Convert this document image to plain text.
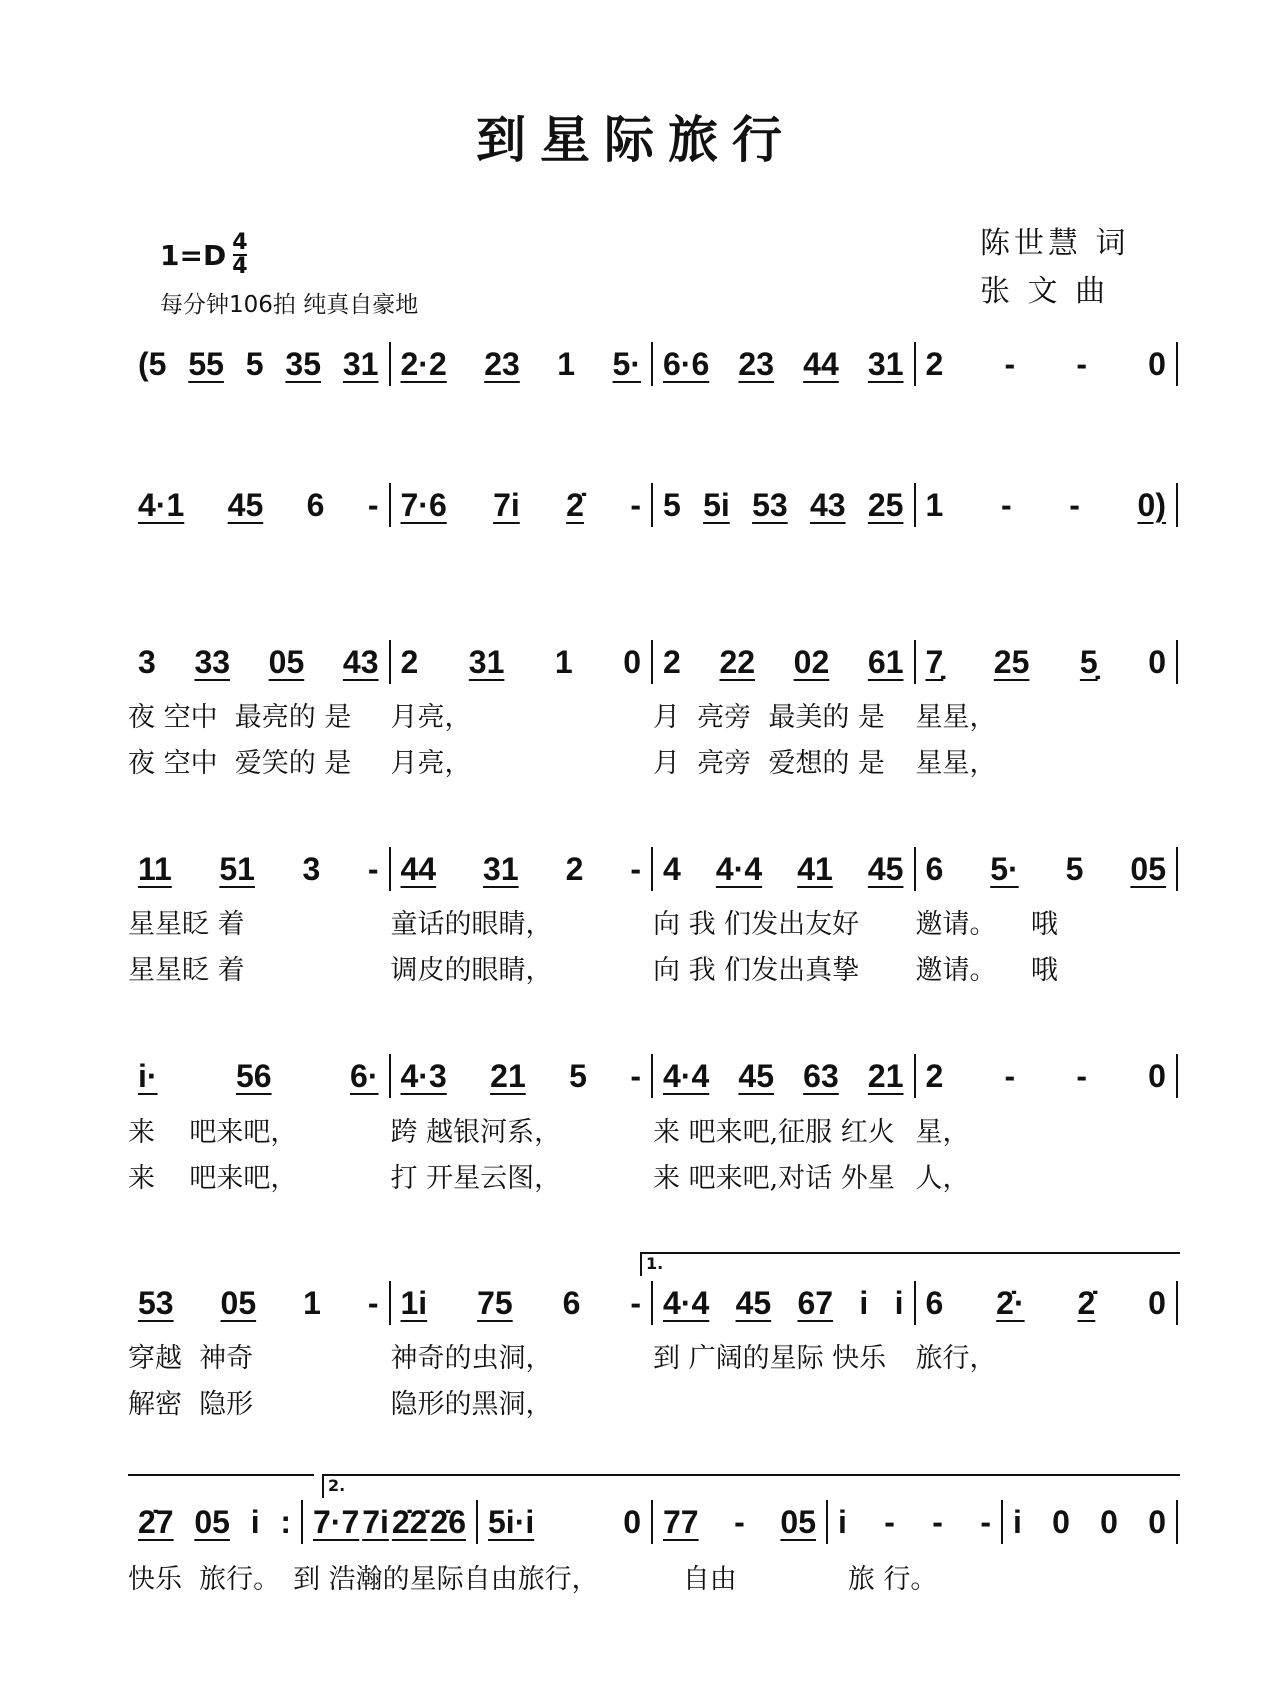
到星际旅行
$1=D \frac{4}{4}$
每分钟106拍 纯真自豪地
陈世慧 词
张 文 曲
1.
2.
(5 55 5 35 31 2·2 23 1 5· 6·6 23 44 31 2 - - 0
4·1 45 6 - 7·6 7i 2̇ - 5 5i 53 43 25 1 - - 0)
3 33 05 43 2 31 1 0 2 22 02 61 7̣ 25 5̣ 0
夜 空中  最亮的 是	月亮，	月  亮旁  最美的 是	星星，
夜 空中  爱笑的 是	月亮，	月  亮旁  爱想的 是	星星，
11 51 3 - 44 31 2 - 4 4·4 41 45 6 5· 5 05
星星眨 着	童话的眼睛，	向 我 们发出友好	邀请。    哦
星星眨 着	调皮的眼睛，	向 我 们发出真挚	邀请。    哦
i· 56 6· 4·3 21 5 - 4·4 45 63 21 2 - - 0
来    吧来吧，	跨 越银河系，	来 吧来吧,征服 红火 星，
来    吧来吧，	打 开星云图，	来 吧来吧,对话 外星 人，
53 05 1 - 1i 75 6 - 4·4 45 67 i i 6 2̇· 2̇ 0
穿越  神奇	神奇的虫洞，	到 广阔的星际 快乐	旅行，
解密  隐形	隐形的黑洞，
2̇7 05 i : 7·7 7i 2̇2̇ 2̇6 5i·i	0 77 - 05 i - - - i 0 0 0
快乐  旅行。 到 浩瀚的星际自由 旅行，	自由	旅 行。
